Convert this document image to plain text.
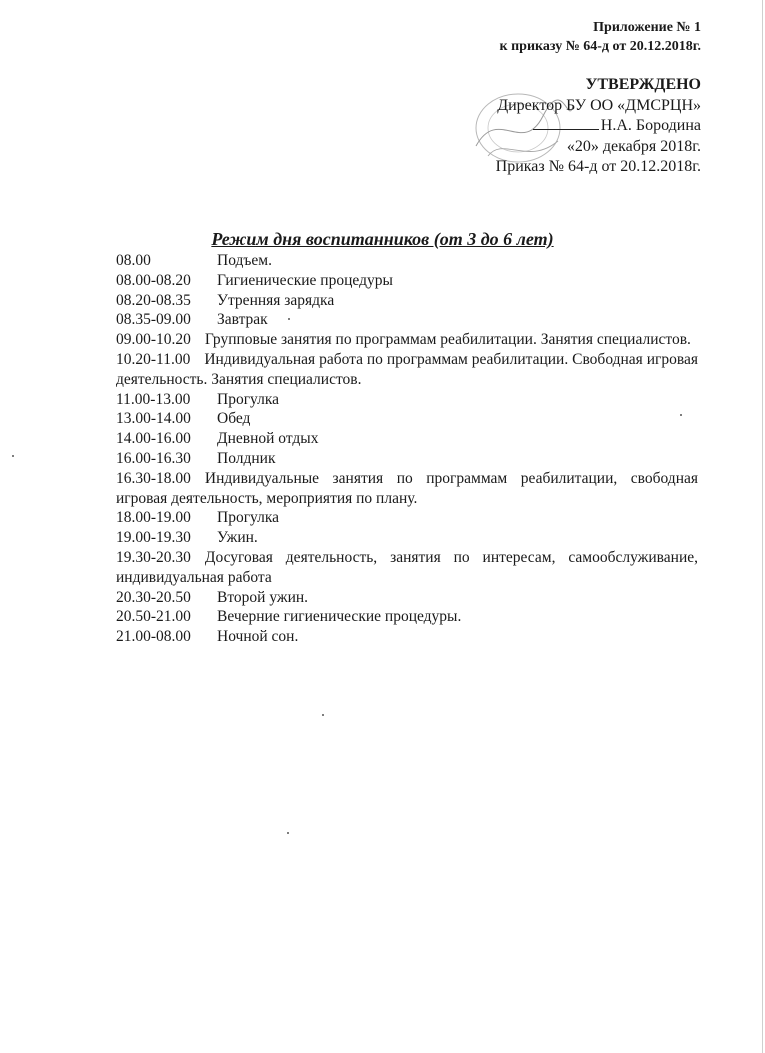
Приложение № 1
к приказу № 64-д от 20.12.2018г.
УТВЕРЖДЕНО
Директор БУ ОО «ДМСРЦН»
Н.А. Бородина
«20» декабря 2018г.
Приказ № 64-д от 20.12.2018г.
Режим дня воспитанников (от 3 до 6 лет)
08.00	Подъем.
08.00-08.20 Гигиенические процедуры
08.20-08.35 Утренняя зарядка
08.35-09.00 Завтрак
09.00-10.20 Групповые занятия по программам реабилитации. Занятия специалистов.
10.20-11.00 Индивидуальная работа по программам реабилитации. Свободная игровая деятельность. Занятия специалистов.
11.00-13.00 Прогулка
13.00-14.00 Обед
14.00-16.00 Дневной отдых
16.00-16.30 Полдник
16.30-18.00 Индивидуальные занятия по программам реабилитации, свободная игровая деятельность, мероприятия по плану.
18.00-19.00 Прогулка
19.00-19.30 Ужин.
19.30-20.30 Досуговая деятельность, занятия по интересам, самообслуживание, индивидуальная работа
20.30-20.50 Второй ужин.
20.50-21.00 Вечерние гигиенические процедуры.
21.00-08.00 Ночной сон.
